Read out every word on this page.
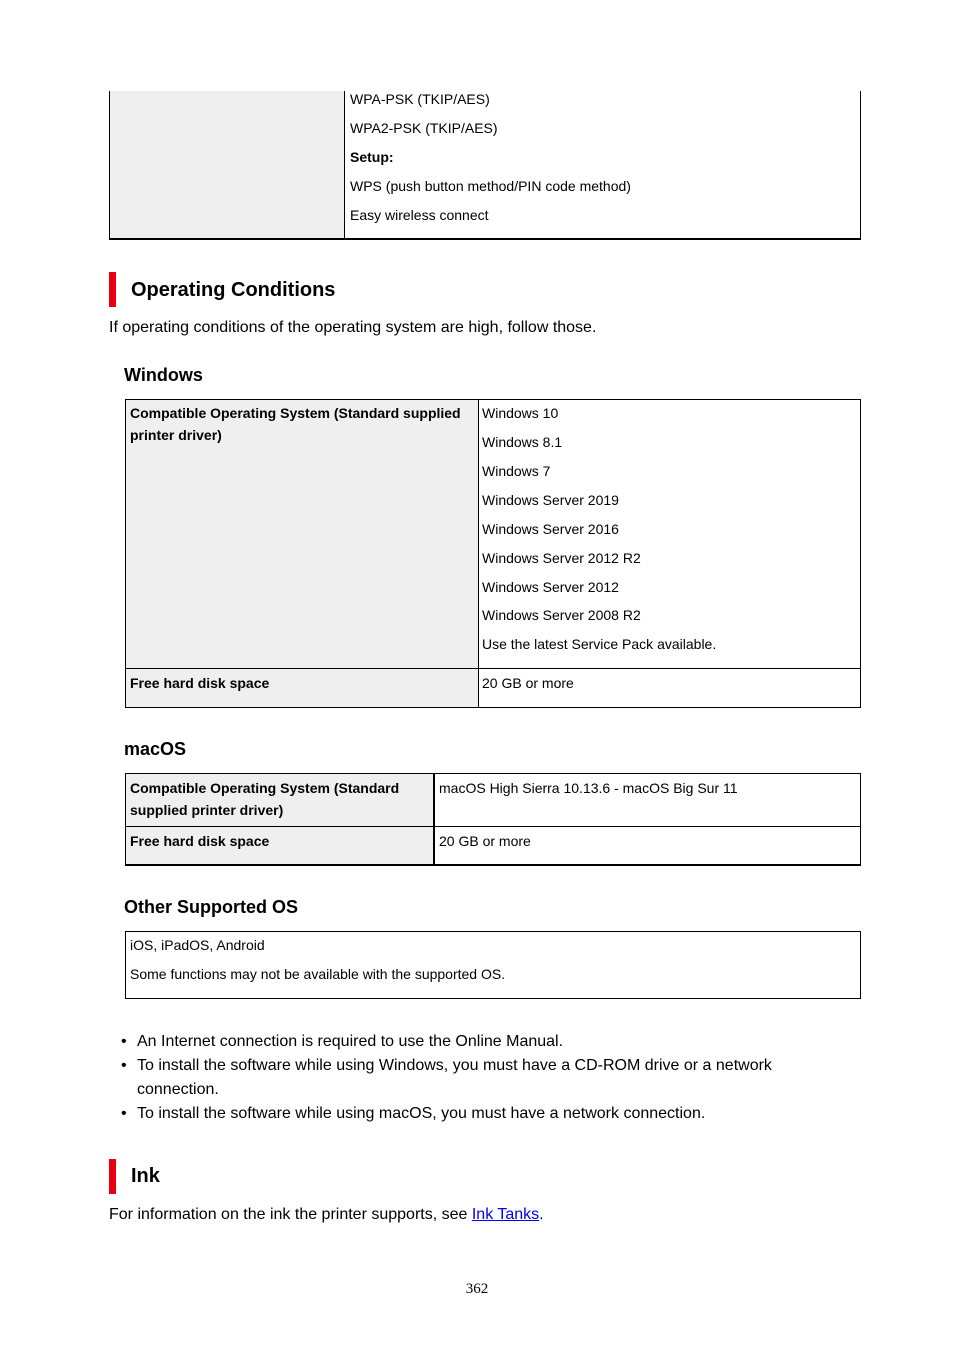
WPA-PSK (TKIP/AES)
WPA2-PSK (TKIP/AES)
Setup:
WPS (push button method/PIN code method)
Easy wireless connect
Operating Conditions
If operating conditions of the operating system are high, follow those.
Windows
Compatible Operating System (Standard supplied printer driver)
Windows 10
Windows 8.1
Windows 7
Windows Server 2019
Windows Server 2016
Windows Server 2012 R2
Windows Server 2012
Windows Server 2008 R2
Use the latest Service Pack available.
Free hard disk space	20 GB or more
macOS
Compatible Operating System (Standard supplied printer driver)
macOS High Sierra 10.13.6 - macOS Big Sur 11
Free hard disk space	20 GB or more
Other Supported OS
iOS, iPadOS, Android
Some functions may not be available with the supported OS.
• An Internet connection is required to use the Online Manual.
• To install the software while using Windows, you must have a CD-ROM drive or a network connection.
• To install the software while using macOS, you must have a network connection.
Ink
For information on the ink the printer supports, see Ink Tanks.
362
